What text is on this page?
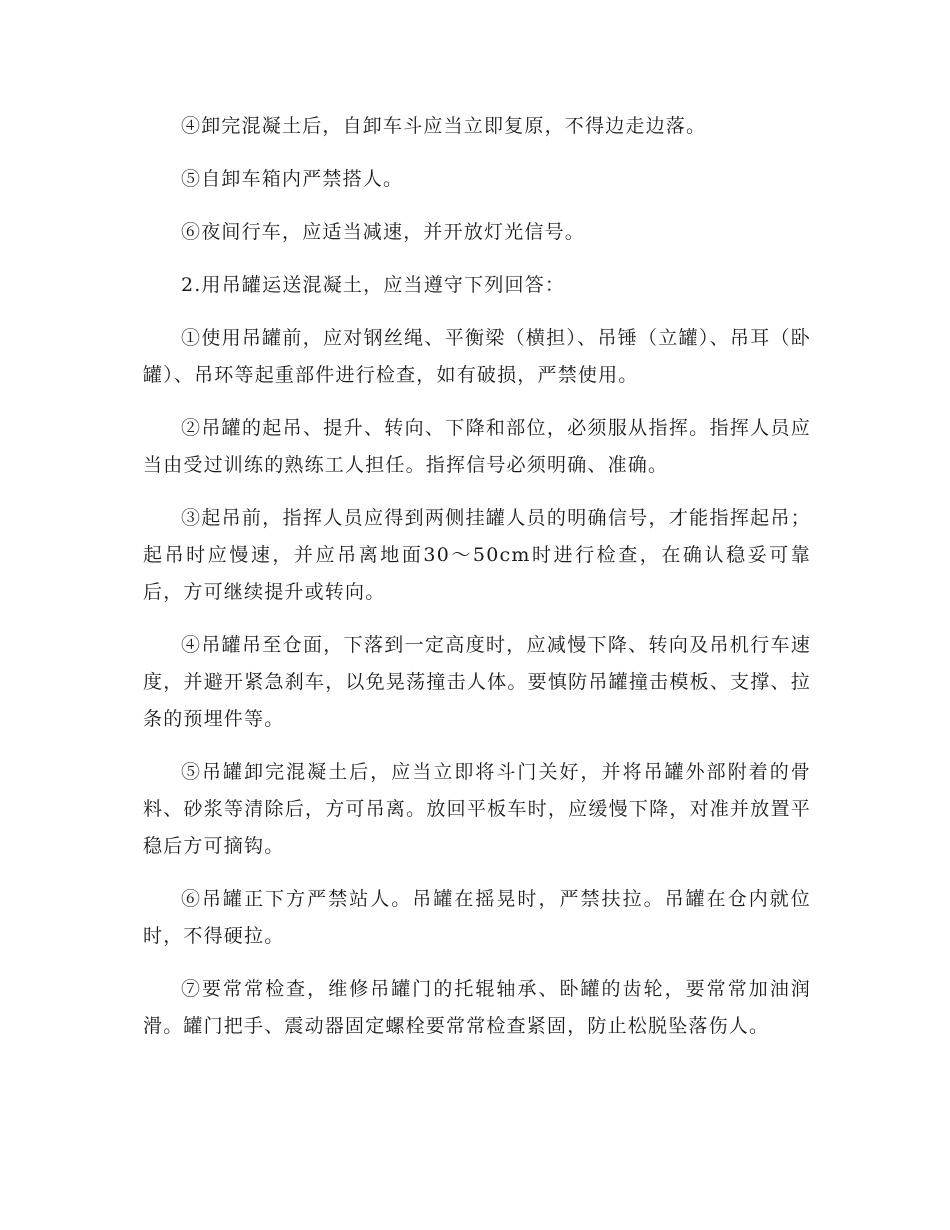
④卸完混凝土后，自卸车斗应当立即复原，不得边走边落。

⑤自卸车箱内严禁搭人。

⑥夜间行车，应适当减速，并开放灯光信号。

2.用吊罐运送混凝土，应当遵守下列回答：

①使用吊罐前，应对钢丝绳、平衡梁（横担）、吊锤（立罐）、吊耳（卧罐）、吊环等起重部件进行检查，如有破损，严禁使用。

②吊罐的起吊、提升、转向、下降和部位，必须服从指挥。指挥人员应当由受过训练的熟练工人担任。指挥信号必须明确、准确。

③起吊前，指挥人员应得到两侧挂罐人员的明确信号，才能指挥起吊；起吊时应慢速，并应吊离地面30～50cm时进行检查，在确认稳妥可靠后，方可继续提升或转向。

④吊罐吊至仓面，下落到一定高度时，应减慢下降、转向及吊机行车速度，并避开紧急刹车，以免晃荡撞击人体。要慎防吊罐撞击模板、支撑、拉条的预埋件等。

⑤吊罐卸完混凝土后，应当立即将斗门关好，并将吊罐外部附着的骨料、砂浆等清除后，方可吊离。放回平板车时，应缓慢下降，对准并放置平稳后方可摘钩。

⑥吊罐正下方严禁站人。吊罐在摇晃时，严禁扶拉。吊罐在仓内就位时，不得硬拉。

⑦要常常检查，维修吊罐门的托辊轴承、卧罐的齿轮，要常常加油润滑。罐门把手、震动器固定螺栓要常常检查紧固，防止松脱坠落伤人。
